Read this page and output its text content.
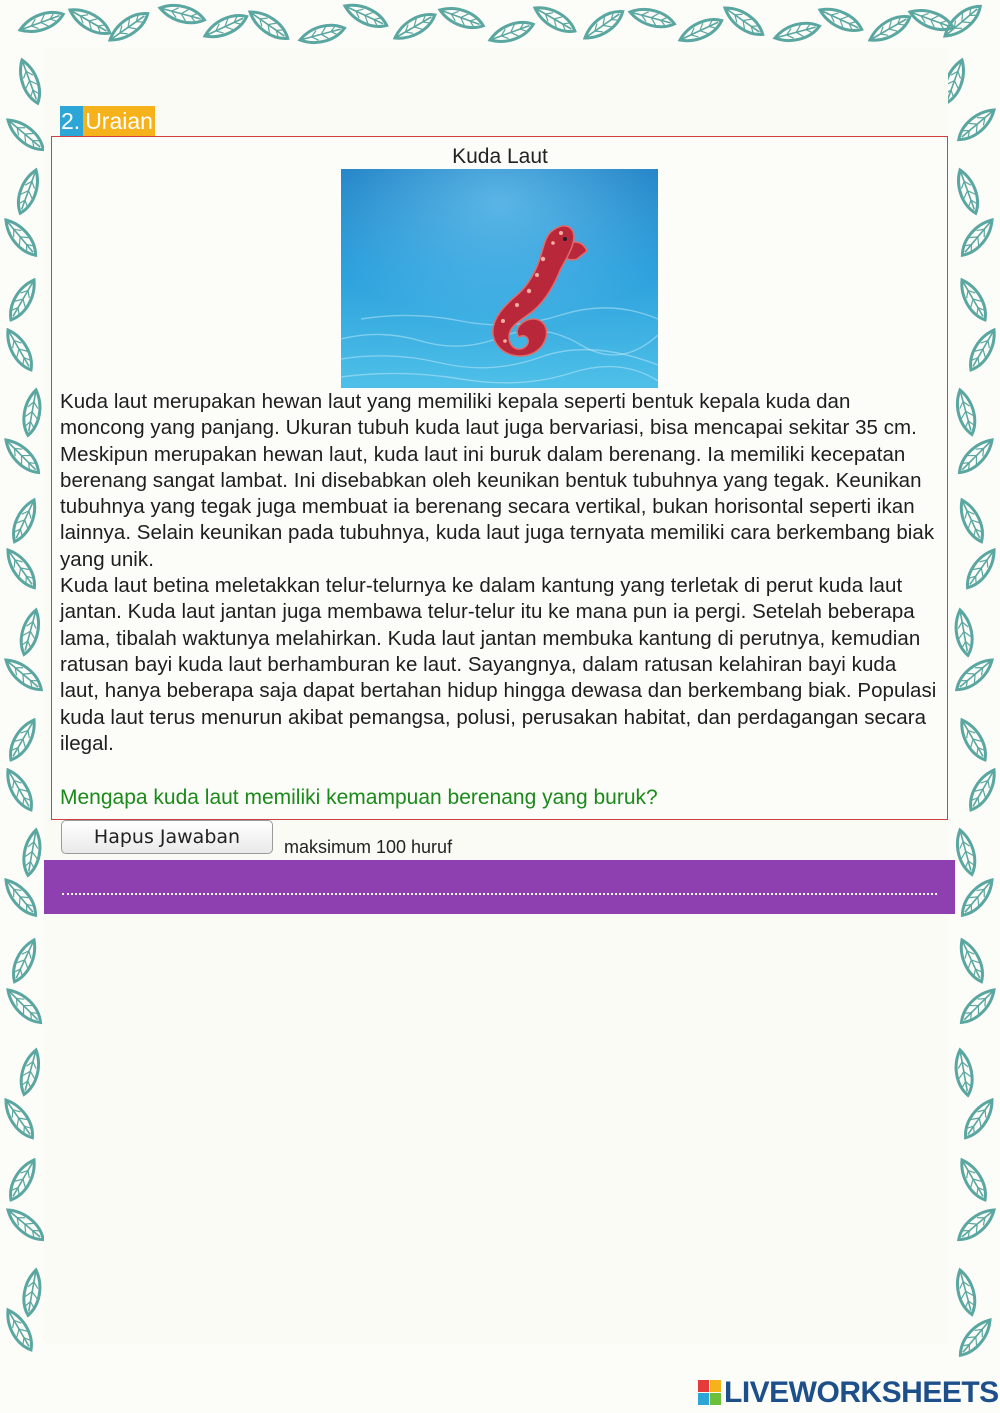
2. Uraian
Kuda Laut

Kuda laut merupakan hewan laut yang memiliki kepala seperti bentuk kepala kuda dan moncong yang panjang. Ukuran tubuh kuda laut juga bervariasi, bisa mencapai sekitar 35 cm. Meskipun merupakan hewan laut, kuda laut ini buruk dalam berenang. Ia memiliki kecepatan berenang sangat lambat. Ini disebabkan oleh keunikan bentuk tubuhnya yang tegak. Keunikan tubuhnya yang tegak juga membuat ia berenang secara vertikal, bukan horisontal seperti ikan lainnya. Selain keunikan pada tubuhnya, kuda laut juga ternyata memiliki cara berkembang biak yang unik.

Kuda laut betina meletakkan telur-telurnya ke dalam kantung yang terletak di perut kuda laut jantan. Kuda laut jantan juga membawa telur-telur itu ke mana pun ia pergi. Setelah beberapa lama, tibalah waktunya melahirkan. Kuda laut jantan membuka kantung di perutnya, kemudian ratusan bayi kuda laut berhamburan ke laut. Sayangnya, dalam ratusan kelahiran bayi kuda laut, hanya beberapa saja dapat bertahan hidup hingga dewasa dan berkembang biak. Populasi kuda laut terus menurun akibat pemangsa, polusi, perusakan habitat, dan perdagangan secara ilegal.

Mengapa kuda laut memiliki kemampuan berenang yang buruk?
Hapus Jawaban	maksimum 100 huruf
LIVEWORKSHEETS
